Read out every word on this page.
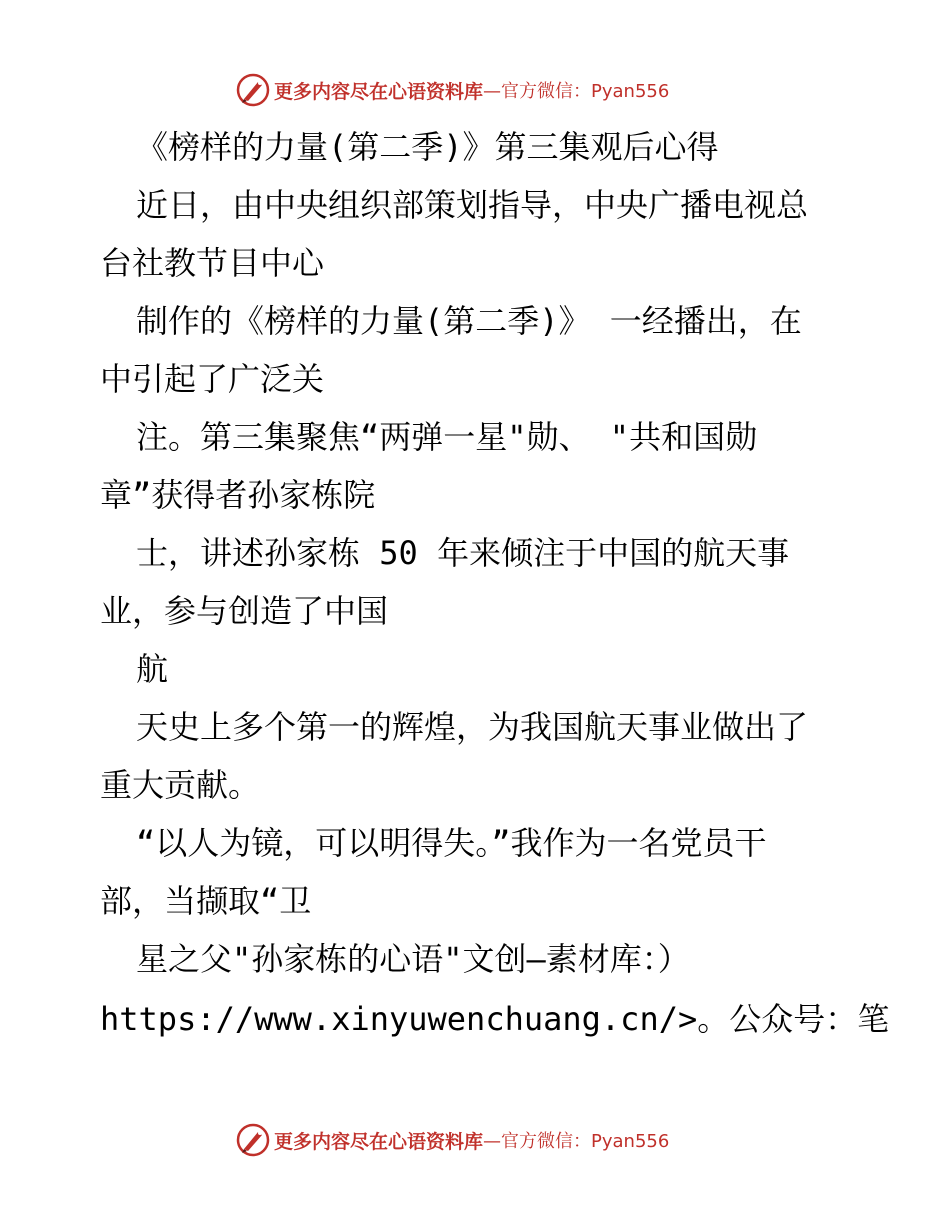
更多内容尽在心语资料库 —官方微信：Pyan556
《榜样的力量(第二季)》第三集观后心得
近日，由中央组织部策划指导，中央广播电视总
台社教节目中心
制作的《榜样的力量(第二季)》 一经播出，在
中引起了广泛关
注。第三集聚焦“两弹一星"勋、 "共和国勋
章”获得者孙家栋院
士，讲述孙家栋 50 年来倾注于中国的航天事
业，参与创造了中国
航
天史上多个第一的辉煌，为我国航天事业做出了
重大贡献。
“以人为镜，可以明得失。”我作为一名党员干
部，当撷取“卫
星之父"孙家栋的心语"文创—素材库：）
https://www.xinyuwenchuang.cn/>。公众号：笔
更多内容尽在心语资料库 —官方微信：Pyan556
